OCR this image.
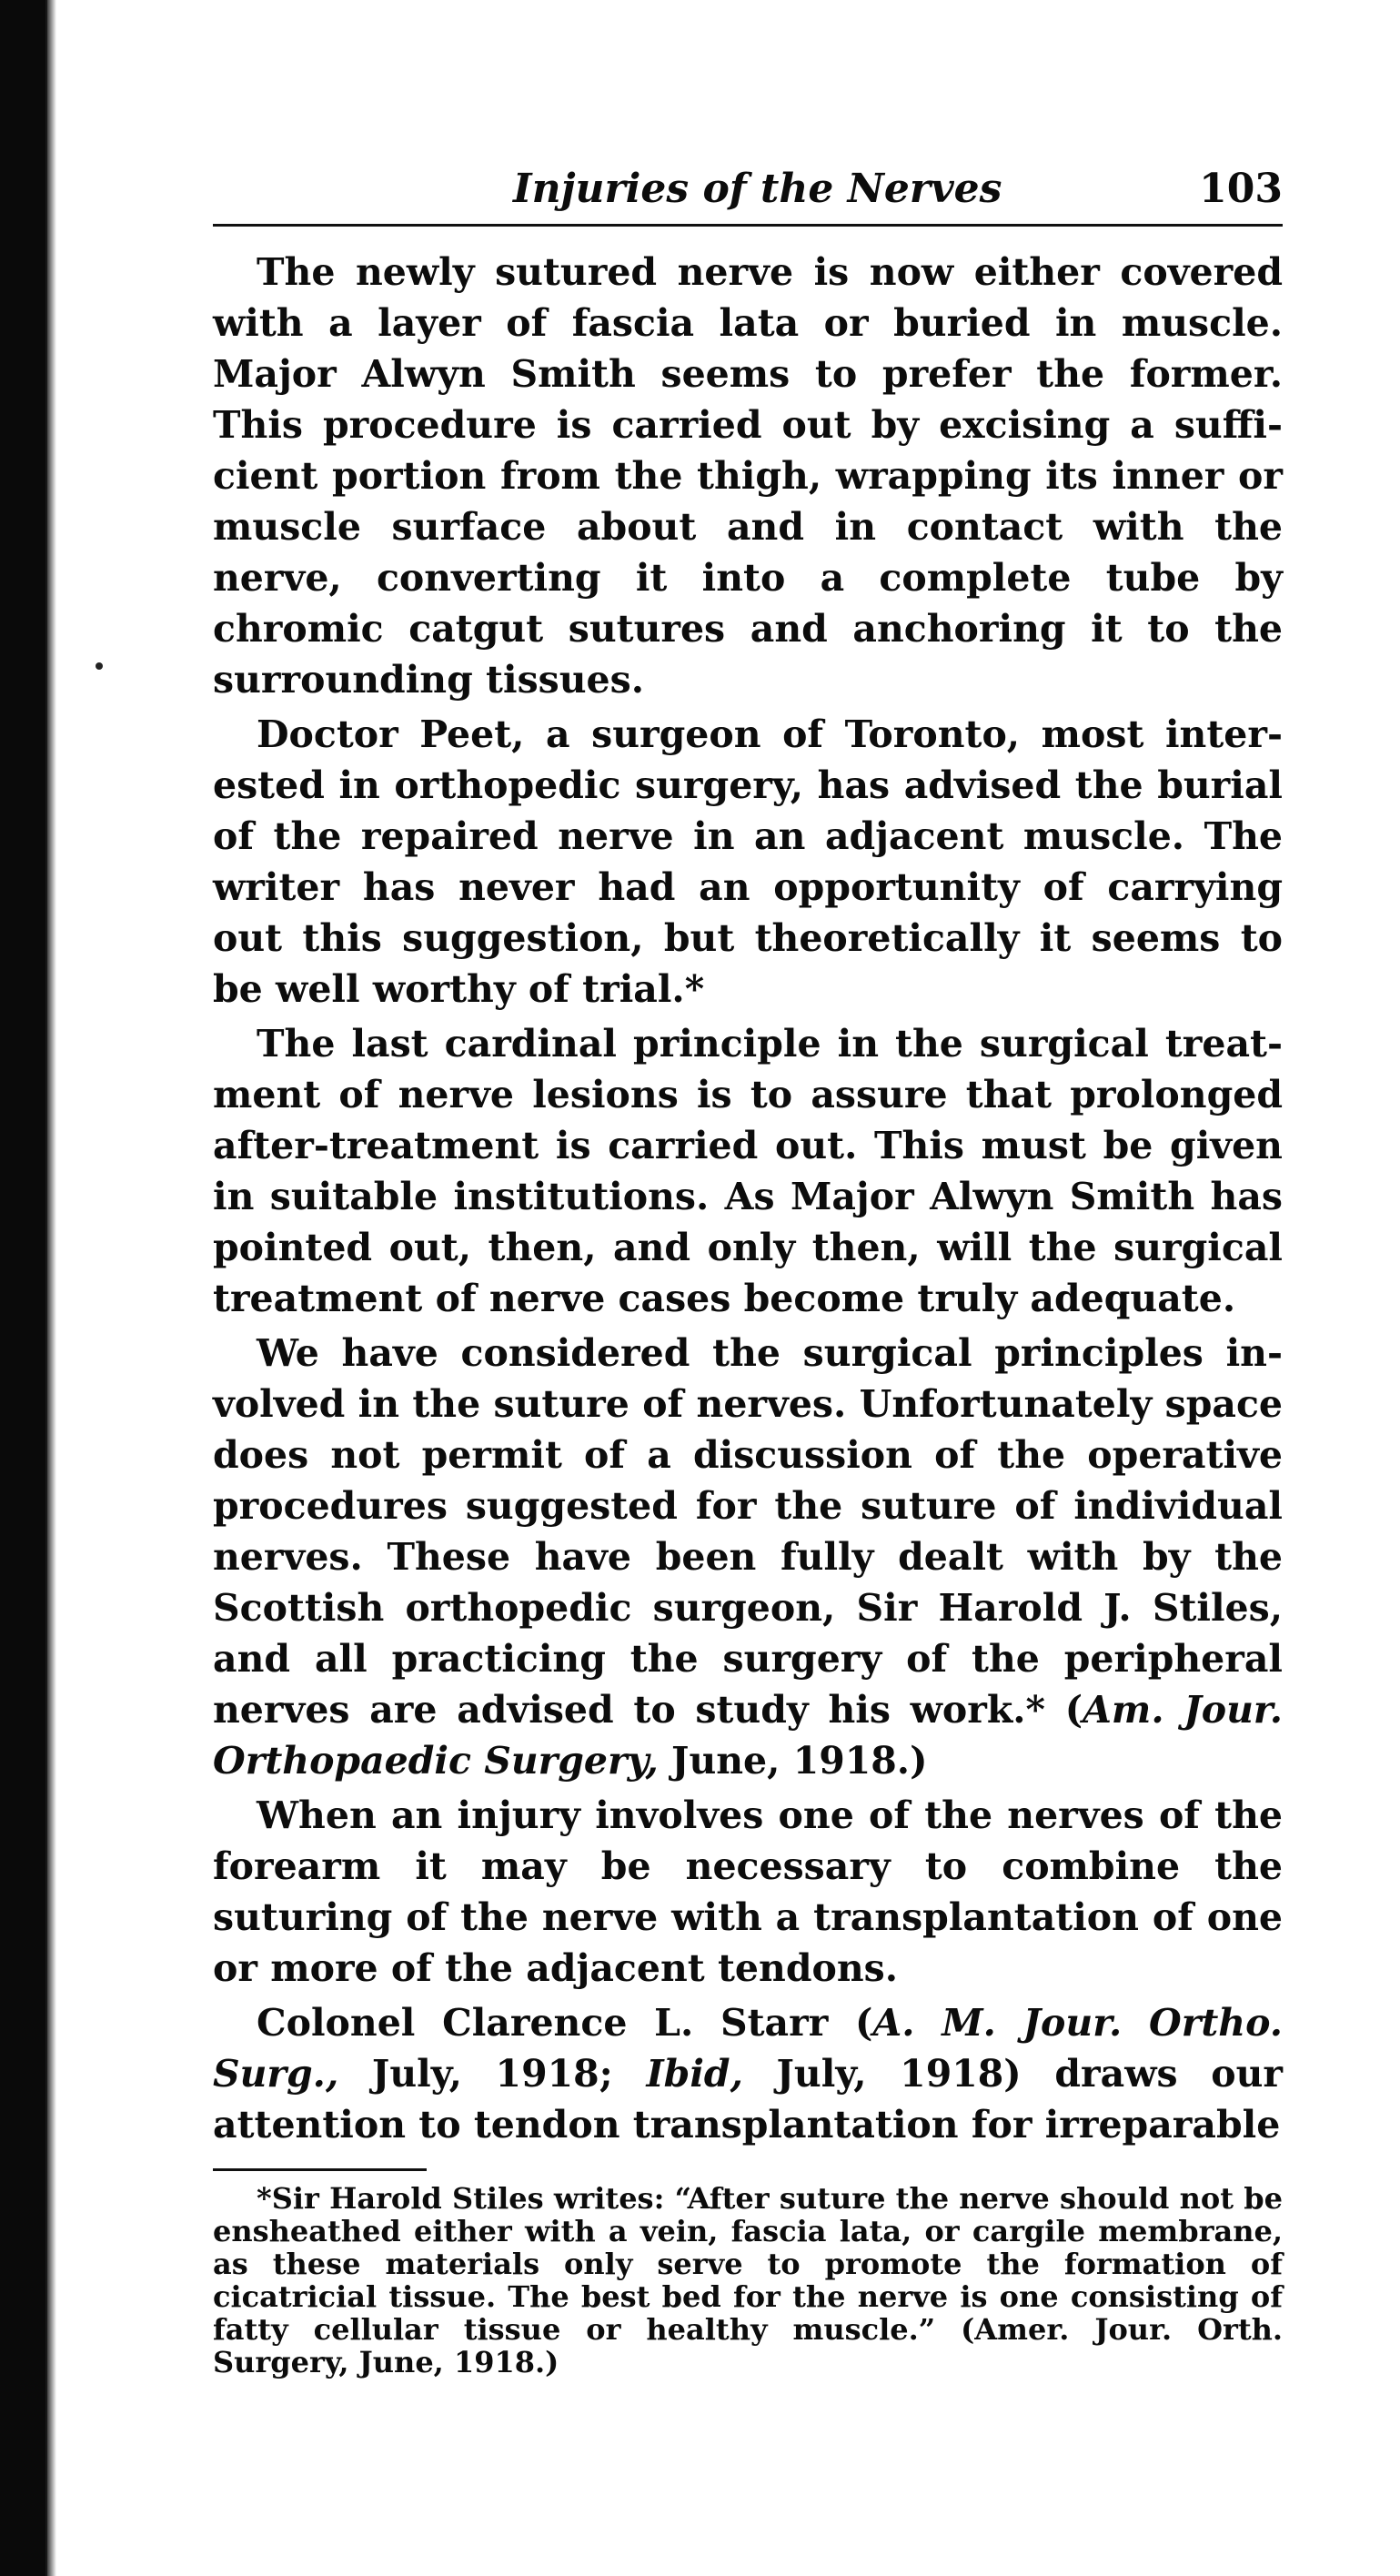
Injuries of the Nerves	103

The newly sutured nerve is now either covered with a layer of fascia lata or buried in muscle. Major Alwyn Smith seems to prefer the former. This procedure is carried out by excising a sufficient portion from the thigh, wrapping its inner or muscle surface about and in contact with the nerve, converting it into a complete tube by chromic catgut sutures and anchoring it to the surrounding tissues.

Doctor Peet, a surgeon of Toronto, most interested in orthopedic surgery, has advised the burial of the repaired nerve in an adjacent muscle. The writer has never had an opportunity of carrying out this suggestion, but theoretically it seems to be well worthy of trial.*

The last cardinal principle in the surgical treatment of nerve lesions is to assure that prolonged after-treatment is carried out. This must be given in suitable institutions. As Major Alwyn Smith has pointed out, then, and only then, will the surgical treatment of nerve cases become truly adequate.

We have considered the surgical principles involved in the suture of nerves. Unfortunately space does not permit of a discussion of the operative procedures suggested for the suture of individual nerves. These have been fully dealt with by the Scottish orthopedic surgeon, Sir Harold J. Stiles, and all practicing the surgery of the peripheral nerves are advised to study his work.* (Am. Jour. Orthopaedic Surgery, June, 1918.)

When an injury involves one of the nerves of the forearm it may be necessary to combine the suturing of the nerve with a transplantation of one or more of the adjacent tendons.

Colonel Clarence L. Starr (A. M. Jour. Ortho. Surg., July, 1918; Ibid, July, 1918) draws our attention to tendon transplantation for irreparable

*Sir Harold Stiles writes: “After suture the nerve should not be ensheathed either with a vein, fascia lata, or cargile membrane, as these materials only serve to promote the formation of cicatricial tissue. The best bed for the nerve is one consisting of fatty cellular tissue or healthy muscle.” (Amer. Jour. Orth. Surgery, June, 1918.)
